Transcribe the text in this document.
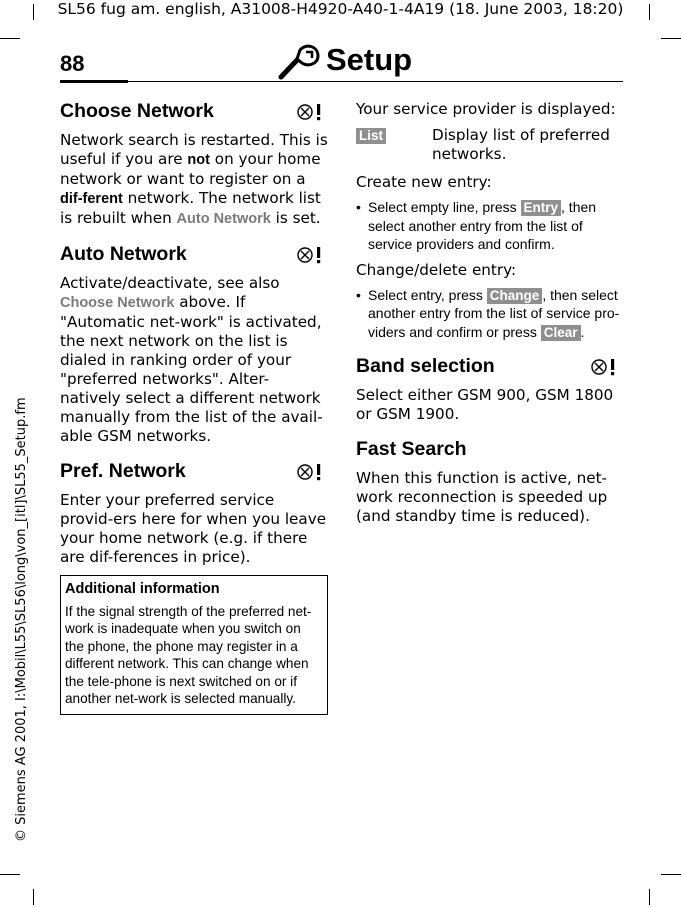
SL56 fug am. english, A31008-H4920-A40-1-4A19 (18. June 2003, 18:20)
© Siemens AG 2001, I:\Mobil\L55\SL56\long\von_[itl]\SL55_Setup.fm
88	Setup
Choose Network

Network search is restarted. This is useful if you are not on your home network or want to register on a dif-ferent network. The network list is rebuilt when Auto Network is set.

Auto Network

Activate/deactivate, see also Choose Network above. If "Automatic net-work" is activated, the next network on the list is dialed in ranking order of your "preferred networks". Alter-natively select a different network manually from the list of the avail-able GSM networks.

Pref. Network

Enter your preferred service provid-ers here for when you leave your home network (e.g. if there are dif-ferences in price).

Additional information
If the signal strength of the preferred net-work is inadequate when you switch on the phone, the phone may register in a different network. This can change when the tele-phone is next switched on or if another net-work is selected manually.

Your service provider is displayed:

List	Display list of preferred networks.

Create new entry:

• Select empty line, press Entry , then select another entry from the list of service providers and confirm.

Change/delete entry:

• Select entry, press Change , then select another entry from the list of service pro-viders and confirm or press Clear .
Band selection

Select either GSM 900, GSM 1800 or GSM 1900.

Fast Search

When this function is active, net-work reconnection is speeded up (and standby time is reduced).
